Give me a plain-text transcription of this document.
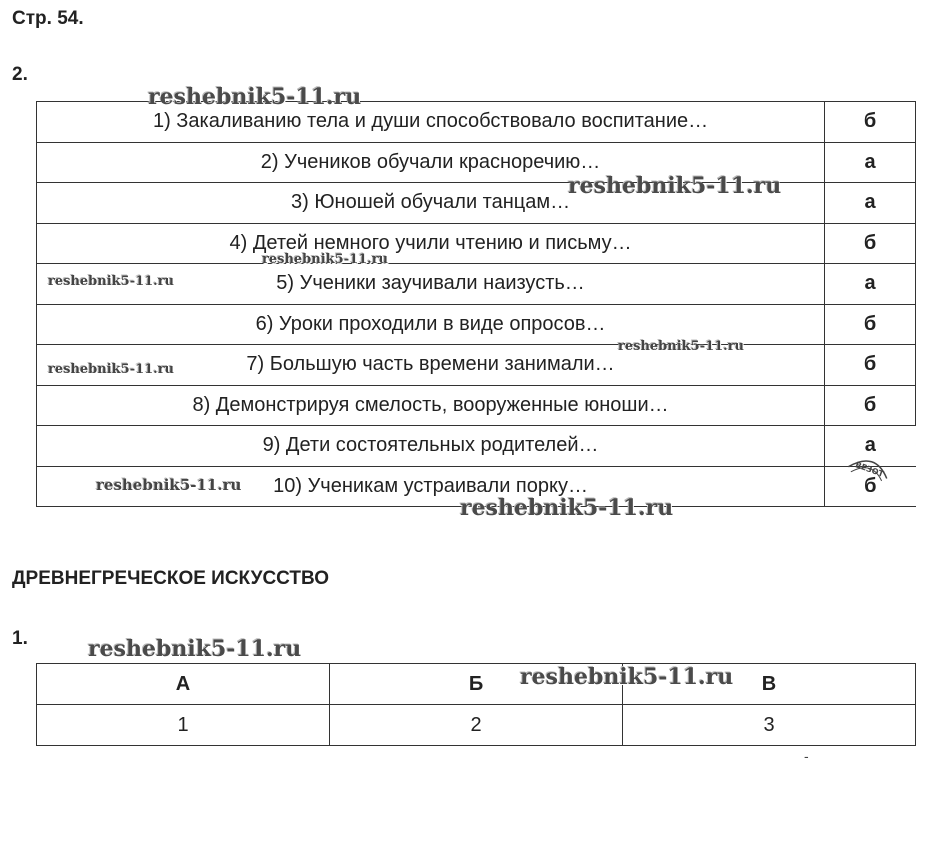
Стр. 54.
2.
1) Закаливанию тела и души способствовало воспитание…	б
2) Учеников обучали красноречию…	а
3) Юношей обучали танцам…	а
4) Детей немного учили чтению и письму…	б
5) Ученики заучивали наизусть…	а
6) Уроки проходили в виде опросов…	б
7) Большую часть времени занимали…	б
8) Демонстрируя смелость, вооруженные юноши…	б
9) Дети состоятельных родителей…	а
10) Ученикам устраивали порку…	б
ДРЕВНЕГРЕЧЕСКОЕ ИСКУССТВО
1.
А	Б	В
1	2	3
reshebnik5-11.ru
reshebnik5-11.ru
reshebnik5-11.ru
reshebnik5-11.ru
reshebnik5-11.ru
reshebnik5-11.ru
reshebnik5-11.ru
reshebnik5-11.ru
reshebnik5-11.ru
reshebnik5-11.ru
ВЕЗОТ
-
